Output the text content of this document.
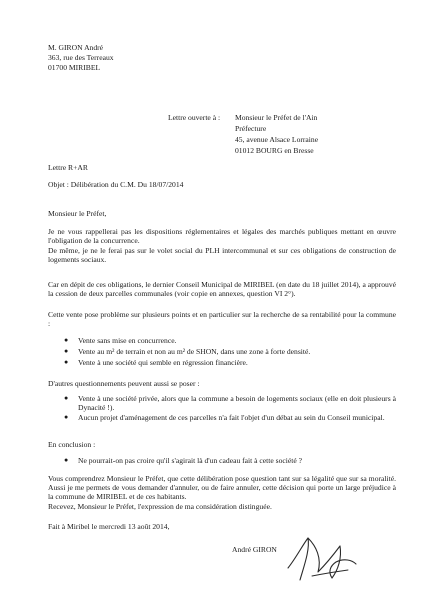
M. GIRON André
363, rue des Terreaux
01700 MIRIBEL
Lettre ouverte à : Monsieur le Préfet de l'Ain
Préfecture
45, avenue Alsace Lorraine
01012 BOURG en Bresse
Lettre R+AR
Objet : Délibération du C.M. Du 18/07/2014
Monsieur le Préfet,
Je ne vous rappellerai pas les dispositions réglementaires et légales des marchés publiques mettant en œuvre l'obligation de la concurrence.
De même, je ne le ferai pas sur le volet social du PLH intercommunal et sur ces obligations de construction de logements sociaux.
Car en dépit de ces obligations, le dernier Conseil Municipal de MIRIBEL (en date du 18 juillet 2014), a approuvé la cession de deux parcelles communales (voir copie en annexes, question VI 2°).
Cette vente pose problème sur plusieurs points et en particulier sur la recherche de sa rentabilité pour la commune :
● Vente sans mise en concurrence.
● Vente au m² de terrain et non au m² de SHON, dans une zone à forte densité.
● Vente à une société qui semble en régression financière.
D'autres questionnements peuvent aussi se poser :
● Vente à une société privée, alors que la commune a besoin de logements sociaux (elle en doit plusieurs à Dynacité !).
● Aucun projet d'aménagement de ces parcelles n'a fait l'objet d'un débat au sein du Conseil municipal.
En conclusion :
● Ne pourrait-on pas croire qu'il s'agirait là d'un cadeau fait à cette société ?
Vous comprendrez Monsieur le Préfet, que cette délibération pose question tant sur sa légalité que sur sa moralité. Aussi je me permets de vous demander d'annuler, ou de faire annuler, cette décision qui porte un large préjudice à la commune de MIRIBEL et de ces habitants.
Recevez, Monsieur le Préfet, l'expression de ma considération distinguée.
Fait à Miribel le mercredi 13 août 2014,
André GIRON
